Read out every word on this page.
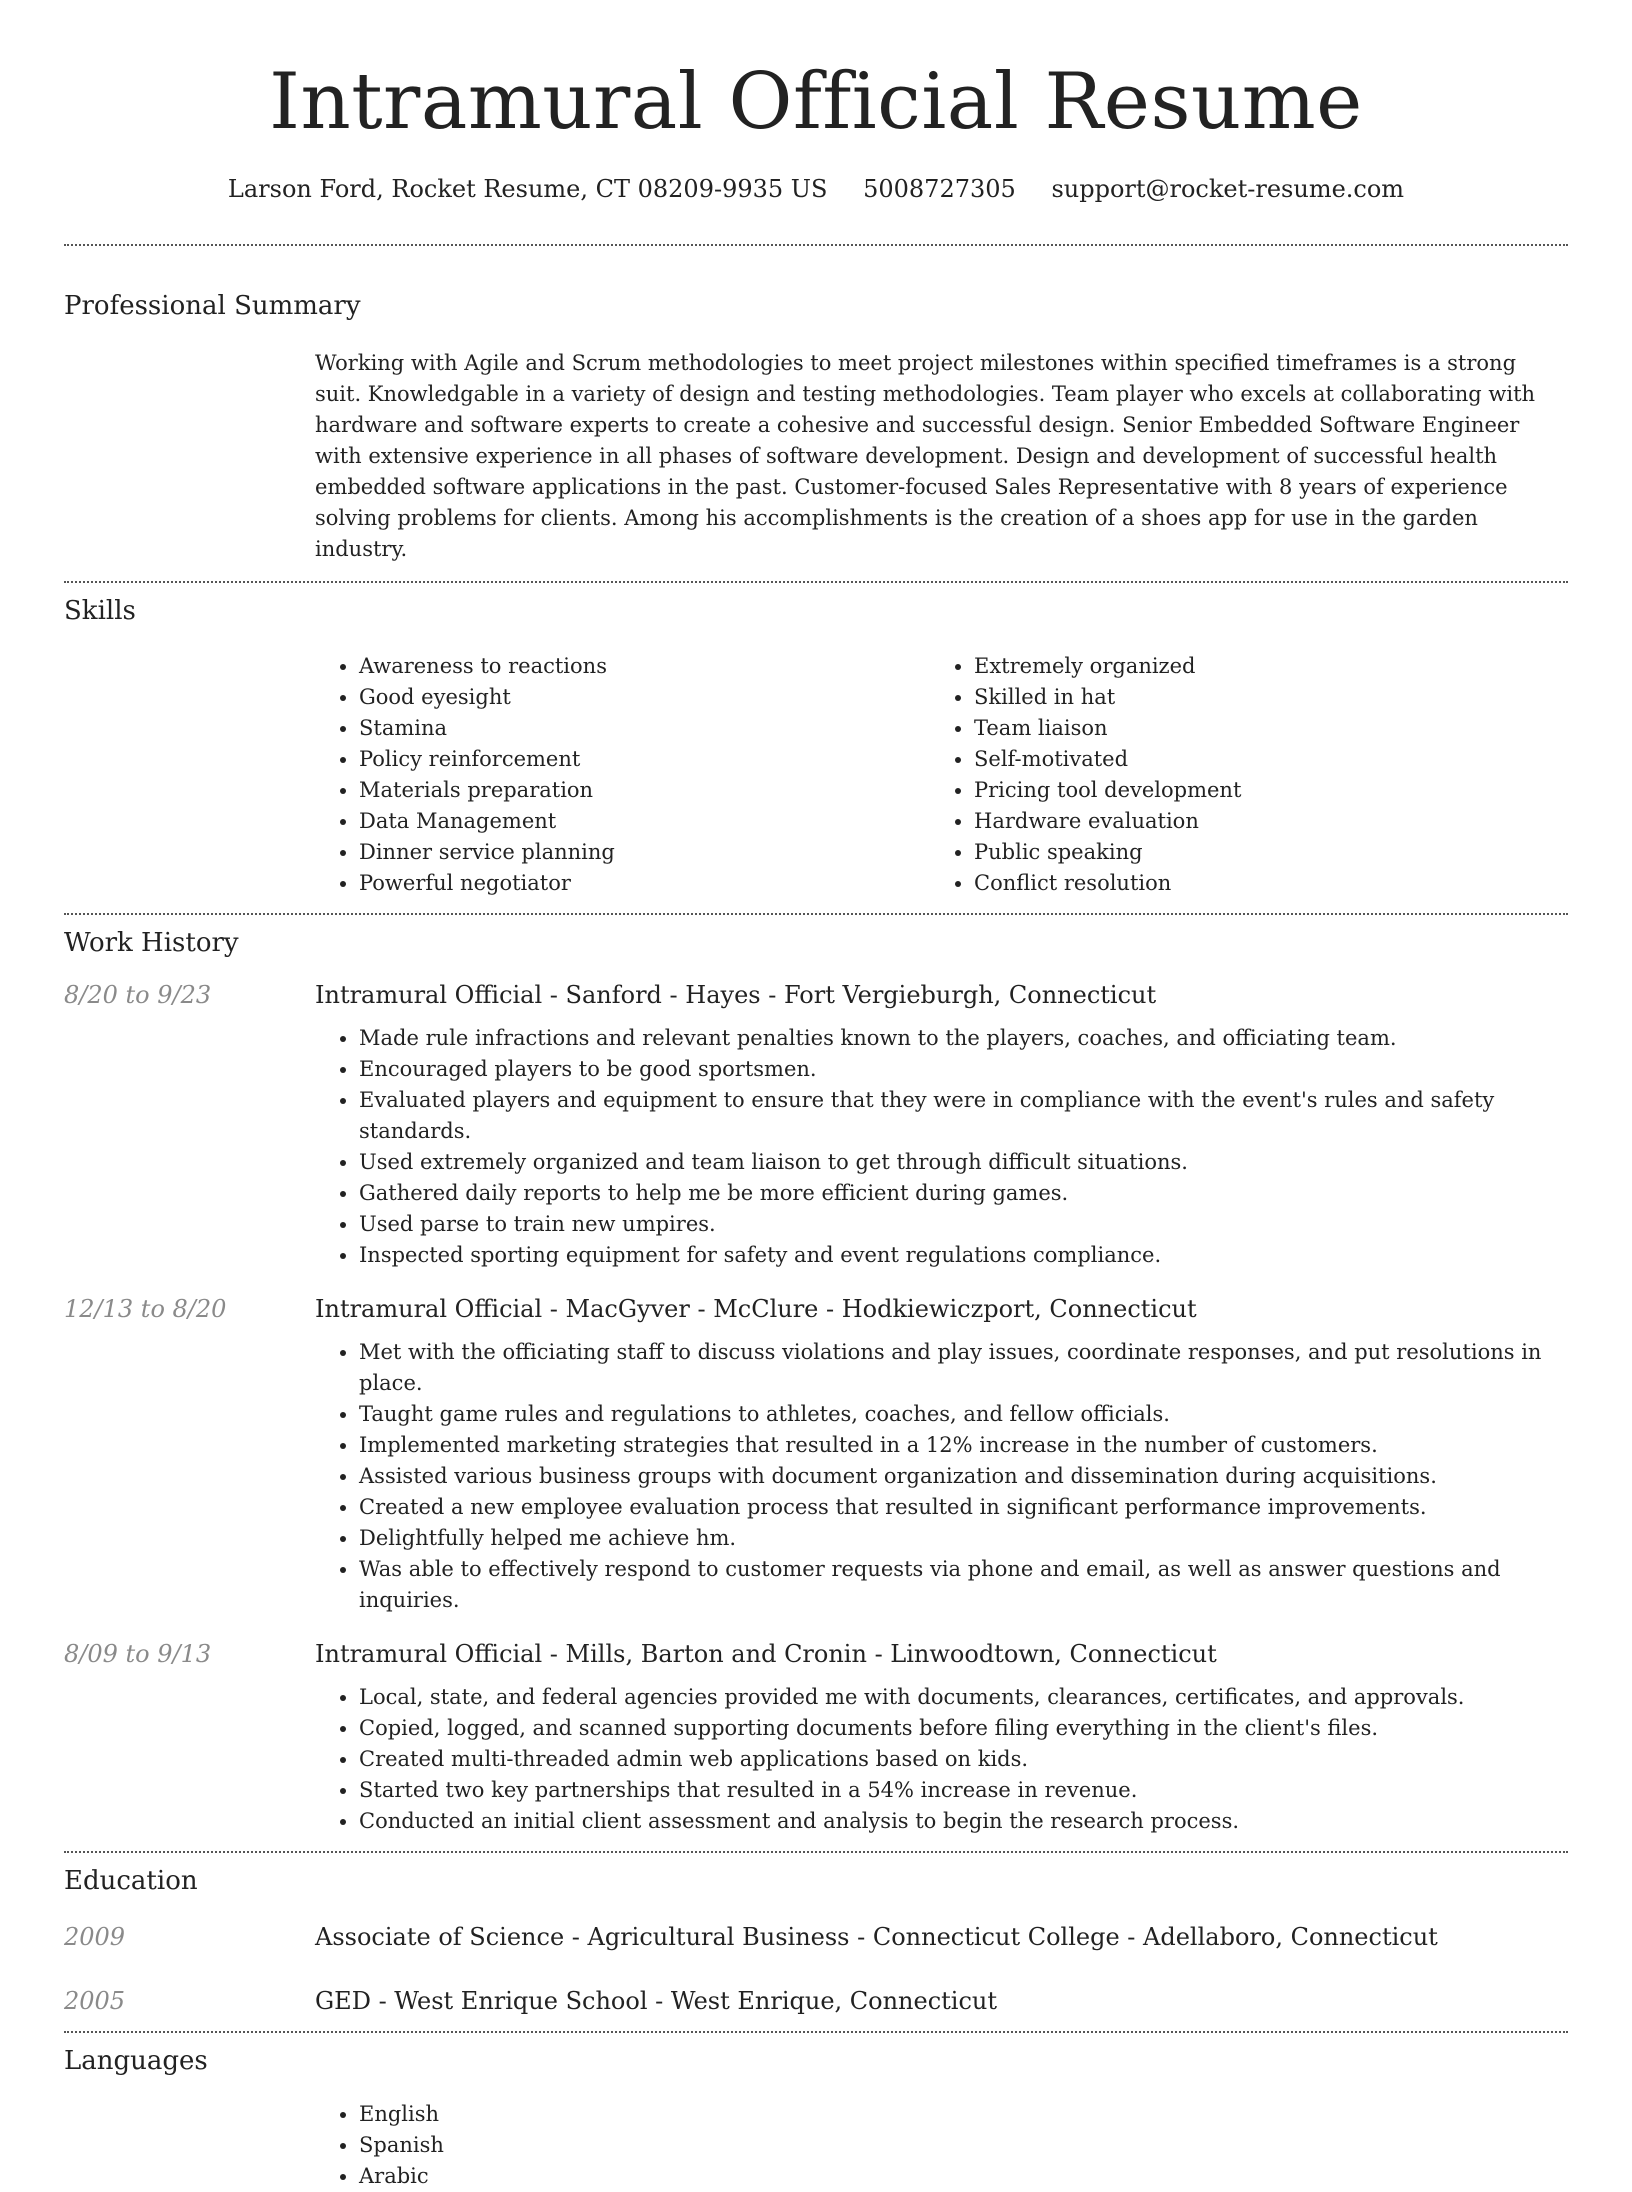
Intramural Official Resume
Larson Ford, Rocket Resume, CT 08209-9935 US 5008727305 support@rocket-resume.com
Professional Summary

Working with Agile and Scrum methodologies to meet project milestones within specified timeframes is a strong suit. Knowledgable in a variety of design and testing methodologies. Team player who excels at collaborating with hardware and software experts to create a cohesive and successful design. Senior Embedded Software Engineer with extensive experience in all phases of software development. Design and development of successful health embedded software applications in the past. Customer-focused Sales Representative with 8 years of experience solving problems for clients. Among his accomplishments is the creation of a shoes app for use in the garden industry.

Skills
• Awareness to reactions
• Good eyesight
• Stamina
• Policy reinforcement
• Materials preparation
• Data Management
• Dinner service planning
• Powerful negotiator
• Extremely organized
• Skilled in hat
• Team liaison
• Self-motivated
• Pricing tool development
• Hardware evaluation
• Public speaking
• Conflict resolution
Work History
8/20 to 9/23	Intramural Official - Sanford - Hayes - Fort Vergieburgh, Connecticut
• Made rule infractions and relevant penalties known to the players, coaches, and officiating team.
• Encouraged players to be good sportsmen.
• Evaluated players and equipment to ensure that they were in compliance with the event's rules and safety standards.
• Used extremely organized and team liaison to get through difficult situations.
• Gathered daily reports to help me be more efficient during games.
• Used parse to train new umpires.
• Inspected sporting equipment for safety and event regulations compliance.
12/13 to 8/20	Intramural Official - MacGyver - McClure - Hodkiewiczport, Connecticut
• Met with the officiating staff to discuss violations and play issues, coordinate responses, and put resolutions in place.
• Taught game rules and regulations to athletes, coaches, and fellow officials.
• Implemented marketing strategies that resulted in a 12% increase in the number of customers.
• Assisted various business groups with document organization and dissemination during acquisitions.
• Created a new employee evaluation process that resulted in significant performance improvements.
• Delightfully helped me achieve hm.
• Was able to effectively respond to customer requests via phone and email, as well as answer questions and inquiries.
8/09 to 9/13	Intramural Official - Mills, Barton and Cronin - Linwoodtown, Connecticut
• Local, state, and federal agencies provided me with documents, clearances, certificates, and approvals.
• Copied, logged, and scanned supporting documents before filing everything in the client's files.
• Created multi-threaded admin web applications based on kids.
• Started two key partnerships that resulted in a 54% increase in revenue.
• Conducted an initial client assessment and analysis to begin the research process.
Education
2009	Associate of Science - Agricultural Business - Connecticut College - Adellaboro, Connecticut
2005	GED - West Enrique School - West Enrique, Connecticut
Languages
• English
• Spanish
• Arabic
